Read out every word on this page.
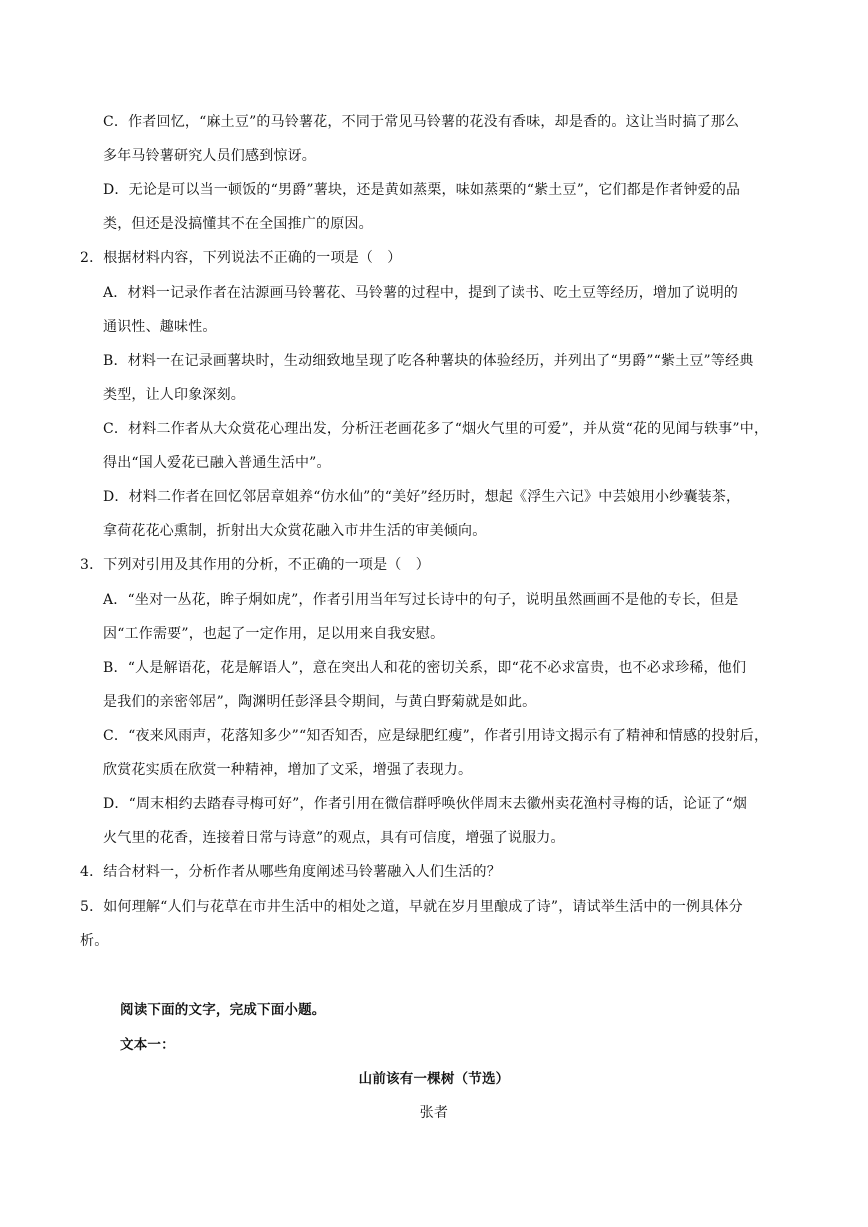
C．作者回忆，“麻土豆”的马铃薯花，不同于常见马铃薯的花没有香味，却是香的。这让当时搞了那么
多年马铃薯研究人员们感到惊讶。
D．无论是可以当一顿饭的“男爵”薯块，还是黄如蒸栗，味如蒸栗的“紫土豆”，它们都是作者钟爱的品
类，但还是没搞懂其不在全国推广的原因。
2．根据材料内容，下列说法不正确的一项是（　）
A．材料一记录作者在沽源画马铃薯花、马铃薯的过程中，提到了读书、吃土豆等经历，增加了说明的
通识性、趣味性。
B．材料一在记录画薯块时，生动细致地呈现了吃各种薯块的体验经历，并列出了“男爵”“紫土豆”等经典
类型，让人印象深刻。
C．材料二作者从大众赏花心理出发，分析汪老画花多了“烟火气里的可爱”，并从赏“花的见闻与轶事”中，
得出“国人爱花已融入普通生活中”。
D．材料二作者在回忆邻居章姐养“仿水仙”的“美好”经历时，想起《浮生六记》中芸娘用小纱囊装茶，
拿荷花花心熏制，折射出大众赏花融入市井生活的审美倾向。
3．下列对引用及其作用的分析，不正确的一项是（　）
A．“坐对一丛花，眸子烔如虎”，作者引用当年写过长诗中的句子，说明虽然画画不是他的专长，但是
因“工作需要”，也起了一定作用，足以用来自我安慰。
B．“人是解语花，花是解语人”，意在突出人和花的密切关系，即“花不必求富贵，也不必求珍稀，他们
是我们的亲密邻居”，陶渊明任彭泽县令期间，与黄白野菊就是如此。
C．“夜来风雨声，花落知多少”“知否知否，应是绿肥红瘦”，作者引用诗文揭示有了精神和情感的投射后，
欣赏花实质在欣赏一种精神，增加了文采，增强了表现力。
D．“周末相约去踏春寻梅可好”，作者引用在微信群呼唤伙伴周末去徽州卖花渔村寻梅的话，论证了“烟
火气里的花香，连接着日常与诗意”的观点，具有可信度，增强了说服力。
4．结合材料一，分析作者从哪些角度阐述马铃薯融入人们生活的？
5．如何理解“人们与花草在市井生活中的相处之道，早就在岁月里酿成了诗”，请试举生活中的一例具体分
析。
阅读下面的文字，完成下面小题。
文本一：
山前该有一棵树（节选）
张者
